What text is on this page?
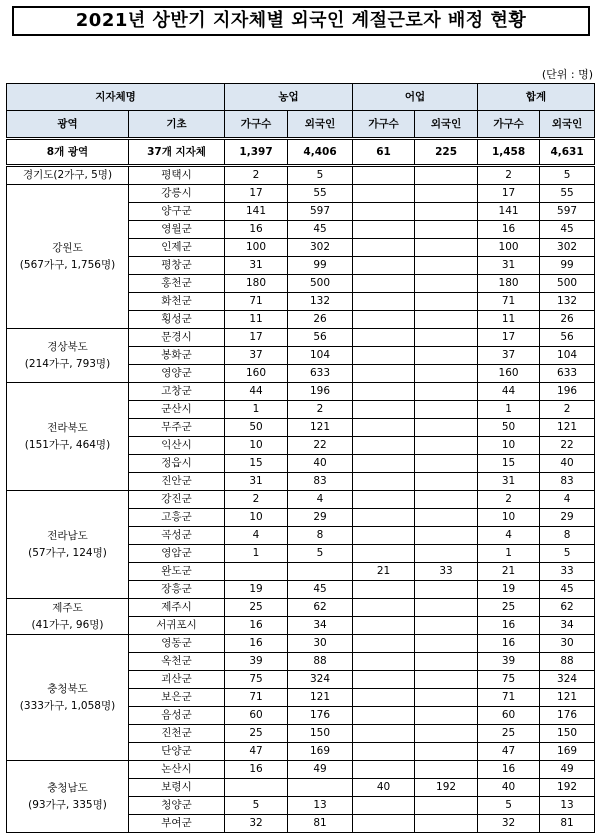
2021년 상반기 지자체별 외국인 계절근로자 배정 현황
(단위 : 명)
지자체명		농업		어업		합계	
광역	기초	가구수	외국인	가구수	외국인	가구수	외국인
8개 광역	37개 지자체	1,397	4,406	61	225	1,458	4,631
경기도(2가구, 5명)	평택시	2	5			2	5
강원도
(567가구, 1,756명)	강릉시	17	55			17	55
	양구군	141	597			141	597
	영월군	16	45			16	45
	인제군	100	302			100	302
	평창군	31	99			31	99
	홍천군	180	500			180	500
	화천군	71	132			71	132
	횡성군	11	26			11	26
경상북도
(214가구, 793명)	문경시	17	56			17	56
	봉화군	37	104			37	104
	영양군	160	633			160	633
전라북도
(151가구, 464명)	고창군	44	196			44	196
	군산시	1	2			1	2
	무주군	50	121			50	121
	익산시	10	22			10	22
	정읍시	15	40			15	40
	진안군	31	83			31	83
전라남도
(57가구, 124명)	강진군	2	4			2	4
	고흥군	10	29			10	29
	곡성군	4	8			4	8
	영암군	1	5			1	5
	완도군			21	33	21	33
	장흥군	19	45			19	45
제주도
(41가구, 96명)	제주시	25	62			25	62
	서귀포시	16	34			16	34
충청북도
(333가구, 1,058명)	영동군	16	30			16	30
	옥천군	39	88			39	88
	괴산군	75	324			75	324
	보은군	71	121			71	121
	음성군	60	176			60	176
	진천군	25	150			25	150
	단양군	47	169			47	169
충청남도
(93가구, 335명)	논산시	16	49			16	49
	보령시			40	192	40	192
	청양군	5	13			5	13
	부여군	32	81			32	81
